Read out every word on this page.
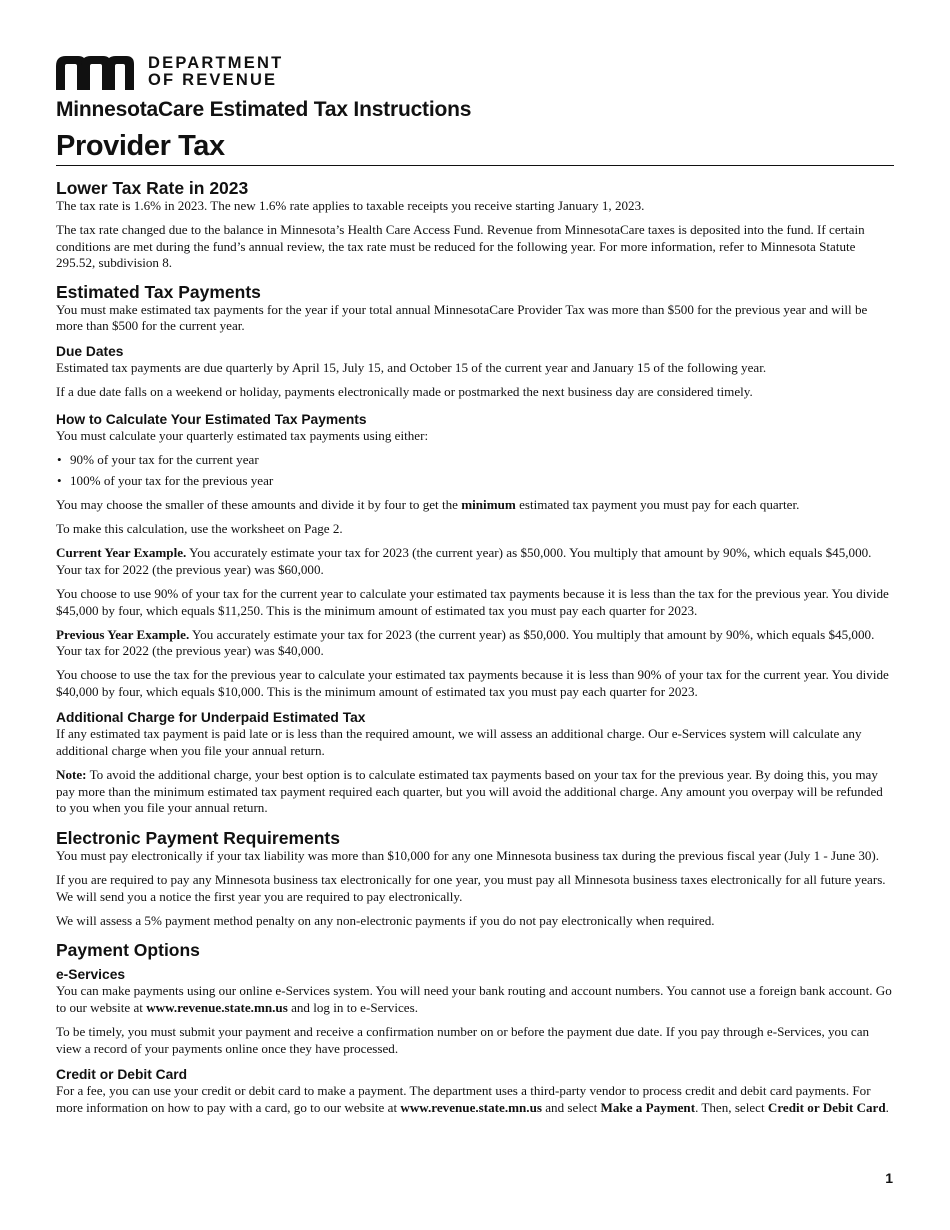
DEPARTMENT
OF REVENUE
MinnesotaCare Estimated Tax Instructions
Provider Tax
Lower Tax Rate in 2023

The tax rate is 1.6% in 2023. The new 1.6% rate applies to taxable receipts you receive starting January 1, 2023.

The tax rate changed due to the balance in Minnesota’s Health Care Access Fund. Revenue from MinnesotaCare taxes is deposited into the fund. If certain conditions are met during the fund’s annual review, the tax rate must be reduced for the following year. For more information, refer to Minnesota Statute 295.52, subdivision 8.

Estimated Tax Payments

You must make estimated tax payments for the year if your total annual MinnesotaCare Provider Tax was more than $500 for the previous year and will be more than $500 for the current year.

Due Dates

Estimated tax payments are due quarterly by April 15, July 15, and October 15 of the current year and January 15 of the following year.

If a due date falls on a weekend or holiday, payments electronically made or postmarked the next business day are considered timely.

How to Calculate Your Estimated Tax Payments

You must calculate your quarterly estimated tax payments using either:

• 90% of your tax for the current year
• 100% of your tax for the previous year

You may choose the smaller of these amounts and divide it by four to get the minimum estimated tax payment you must pay for each quarter.

To make this calculation, use the worksheet on Page 2.

Current Year Example. You accurately estimate your tax for 2023 (the current year) as $50,000. You multiply that amount by 90%, which equals $45,000. Your tax for 2022 (the previous year) was $60,000.

You choose to use 90% of your tax for the current year to calculate your estimated tax payments because it is less than the tax for the previous year. You divide $45,000 by four, which equals $11,250. This is the minimum amount of estimated tax you must pay each quarter for 2023.

Previous Year Example. You accurately estimate your tax for 2023 (the current year) as $50,000. You multiply that amount by 90%, which equals $45,000. Your tax for 2022 (the previous year) was $40,000.

You choose to use the tax for the previous year to calculate your estimated tax payments because it is less than 90% of your tax for the current year. You divide $40,000 by four, which equals $10,000. This is the minimum amount of estimated tax you must pay each quarter for 2023.

Additional Charge for Underpaid Estimated Tax

If any estimated tax payment is paid late or is less than the required amount, we will assess an additional charge. Our e-Services system will calculate any additional charge when you file your annual return.

Note: To avoid the additional charge, your best option is to calculate estimated tax payments based on your tax for the previous year. By doing this, you may pay more than the minimum estimated tax payment required each quarter, but you will avoid the additional charge. Any amount you overpay will be refunded to you when you file your annual return.

Electronic Payment Requirements

You must pay electronically if your tax liability was more than $10,000 for any one Minnesota business tax during the previous fiscal year (July 1 - June 30).

If you are required to pay any Minnesota business tax electronically for one year, you must pay all Minnesota business taxes electronically for all future years. We will send you a notice the first year you are required to pay electronically.

We will assess a 5% payment method penalty on any non-electronic payments if you do not pay electronically when required.

Payment Options
e-Services

You can make payments using our online e-Services system. You will need your bank routing and account numbers. You cannot use a foreign bank account. Go to our website at www.revenue.state.mn.us and log in to e-Services.

To be timely, you must submit your payment and receive a confirmation number on or before the payment due date. If you pay through e-Services, you can view a record of your payments online once they have processed.

Credit or Debit Card

For a fee, you can use your credit or debit card to make a payment. The department uses a third-party vendor to process credit and debit card payments. For more information on how to pay with a card, go to our website at www.revenue.state.mn.us and select Make a Payment. Then, select Credit or Debit Card.

1
